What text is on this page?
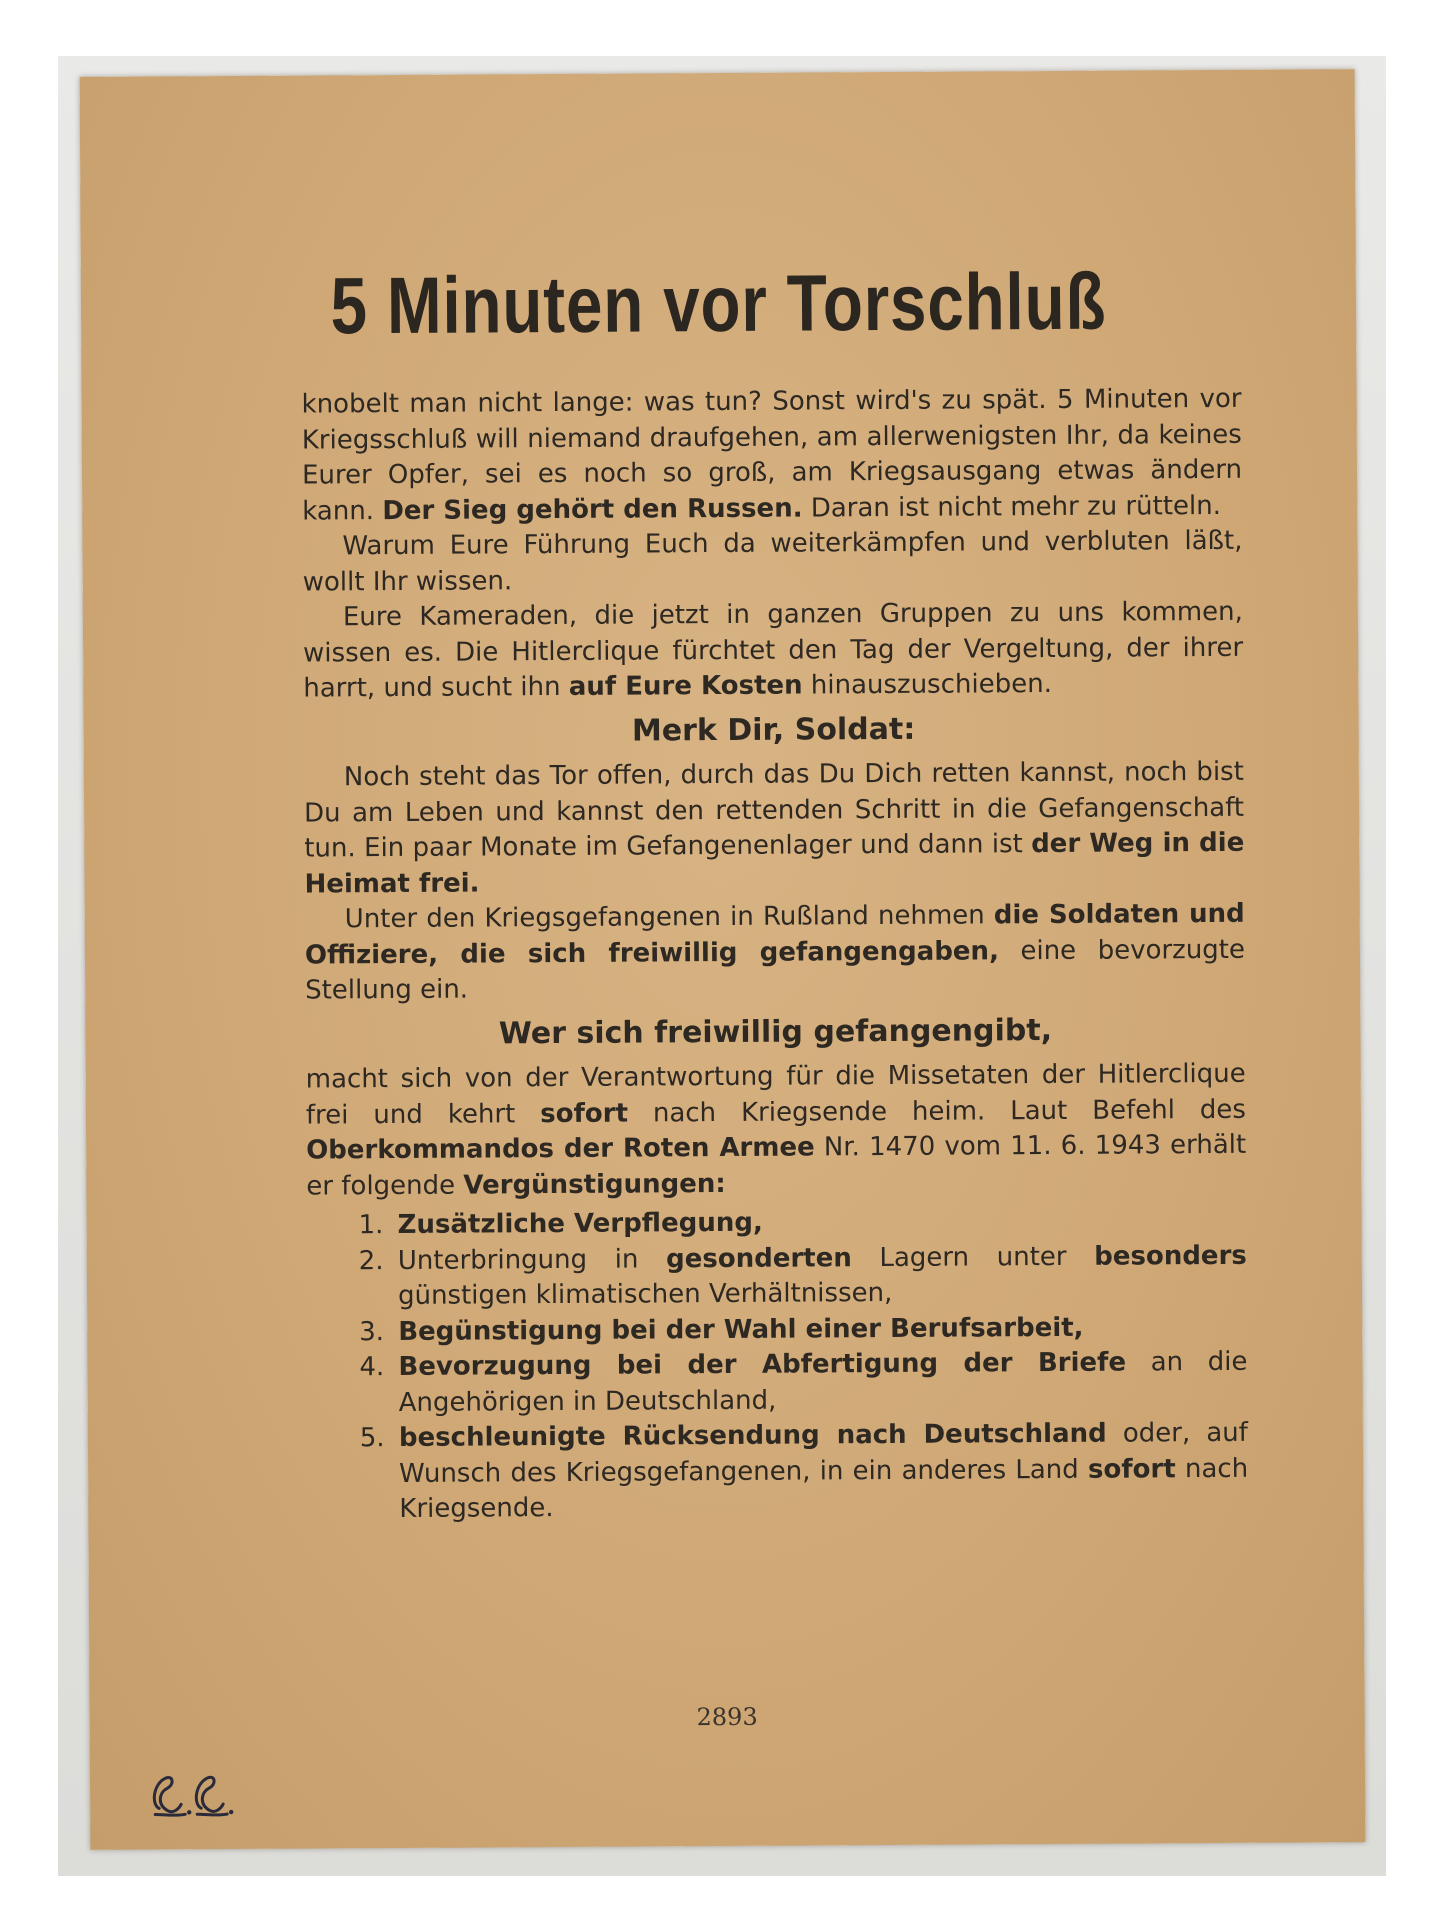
5 Minuten vor Torschluß

knobelt man nicht lange: was tun? Sonst wird's zu spät. 5 Minuten vor Kriegsschluß will niemand draufgehen, am allerwenigsten Ihr, da keines Eurer Opfer, sei es noch so groß, am Kriegsausgang etwas ändern kann. Der Sieg gehört den Russen. Daran ist nicht mehr zu rütteln.

Warum Eure Führung Euch da weiterkämpfen und verbluten läßt, wollt Ihr wissen.

Eure Kameraden, die jetzt in ganzen Gruppen zu uns kommen, wissen es. Die Hitlerclique fürchtet den Tag der Vergeltung, der ihrer harrt, und sucht ihn auf Eure Kosten hinauszuschieben.

Merk Dir, Soldat:

Noch steht das Tor offen, durch das Du Dich retten kannst, noch bist Du am Leben und kannst den rettenden Schritt in die Gefangenschaft tun. Ein paar Monate im Gefangenenlager und dann ist der Weg in die Heimat frei.

Unter den Kriegsgefangenen in Rußland nehmen die Soldaten und Offiziere, die sich freiwillig gefangengaben, eine bevorzugte Stellung ein.

Wer sich freiwillig gefangengibt,

macht sich von der Verantwortung für die Missetaten der Hitlerclique frei und kehrt sofort nach Kriegsende heim. Laut Befehl des Oberkommandos der Roten Armee Nr. 1470 vom 11. 6. 1943 erhält er folgende Vergünstigungen:

1. Zusätzliche Verpflegung,
2. Unterbringung in gesonderten Lagern unter besonders günstigen klimatischen Verhältnissen,
3. Begünstigung bei der Wahl einer Berufsarbeit,
4. Bevorzugung bei der Abfertigung der Briefe an die Angehörigen in Deutschland,
5. beschleunigte Rücksendung nach Deutschland oder, auf Wunsch des Kriegsgefangenen, in ein anderes Land sofort nach Kriegsende.
2893
